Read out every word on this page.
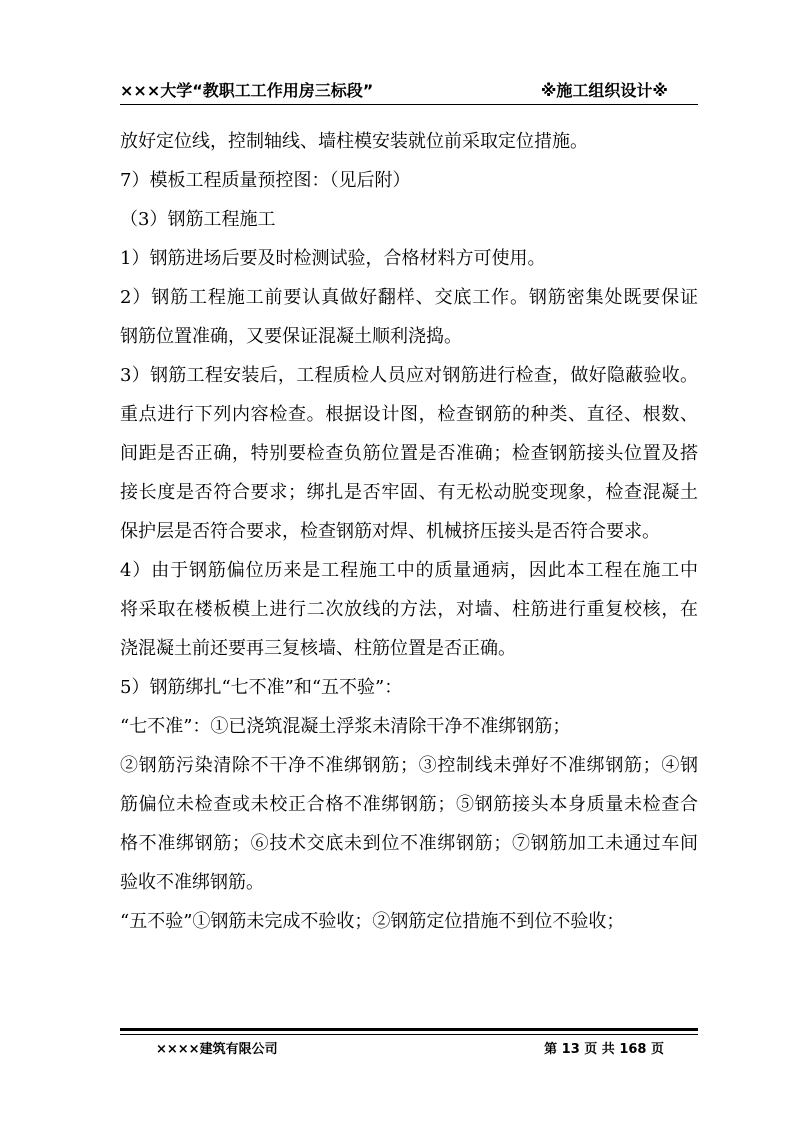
×××大学“教职工工作用房三标段”	※施工组织设计※
放好定位线，控制轴线、墙柱模安装就位前采取定位措施。
7）模板工程质量预控图：（见后附）
（3）钢筋工程施工
1）钢筋进场后要及时检测试验，合格材料方可使用。
2）钢筋工程施工前要认真做好翻样、交底工作。钢筋密集处既要保证
钢筋位置准确，又要保证混凝土顺利浇捣。
3）钢筋工程安装后，工程质检人员应对钢筋进行检查，做好隐蔽验收。
重点进行下列内容检查。根据设计图，检查钢筋的种类、直径、根数、
间距是否正确，特别要检查负筋位置是否准确；检查钢筋接头位置及搭
接长度是否符合要求；绑扎是否牢固、有无松动脱变现象，检查混凝土
保护层是否符合要求，检查钢筋对焊、机械挤压接头是否符合要求。
4）由于钢筋偏位历来是工程施工中的质量通病，因此本工程在施工中
将采取在楼板模上进行二次放线的方法，对墙、柱筋进行重复校核，在
浇混凝土前还要再三复核墙、柱筋位置是否正确。
5）钢筋绑扎“七不准”和“五不验”：
“七不准”：①已浇筑混凝土浮浆未清除干净不准绑钢筋；
②钢筋污染清除不干净不准绑钢筋；③控制线未弹好不准绑钢筋；④钢
筋偏位未检查或未校正合格不准绑钢筋；⑤钢筋接头本身质量未检查合
格不准绑钢筋；⑥技术交底未到位不准绑钢筋；⑦钢筋加工未通过车间
验收不准绑钢筋。
“五不验”①钢筋未完成不验收；②钢筋定位措施不到位不验收；
××××建筑有限公司	第 13 页 共 168 页
